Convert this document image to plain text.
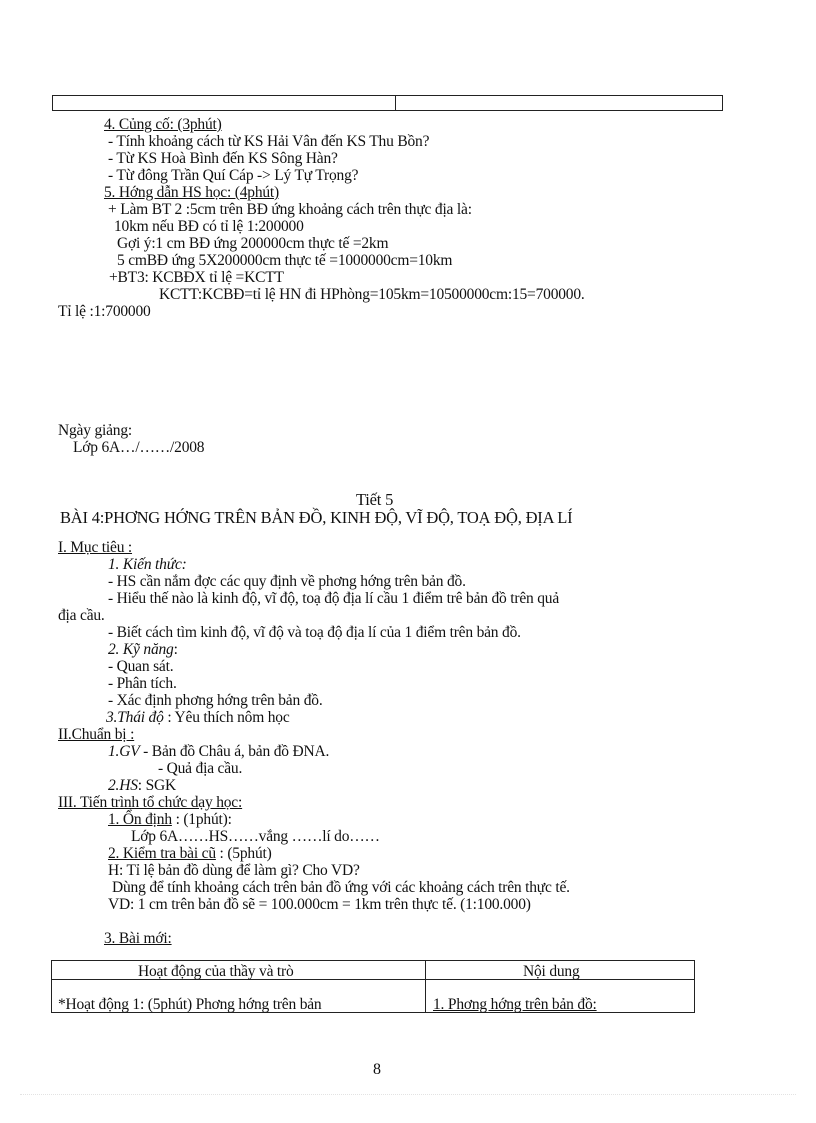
4. Củng cố: (3phút)
- Tính khoảng cách từ KS Hải Vân đến KS Thu Bồn?
- Từ KS Hoà Bình đến KS Sông Hàn?
- Từ đông Trần Quí Cáp -> Lý Tự Trọng?
5. Hớng dẫn HS học: (4phút)
+ Làm BT 2 :5cm trên BĐ ứng khoảng cách trên thực địa là:
10km nếu BĐ có tỉ lệ 1:200000
Gợi ý:1 cm BĐ ứng 200000cm thực tế =2km
5 cmBĐ ứng 5X200000cm thực tế =1000000cm=10km
+BT3: KCBĐX tỉ lệ =KCTT
KCTT:KCBĐ=tỉ lệ HN đi HPhòng=105km=10500000cm:15=700000.
Tỉ lệ :1:700000
Ngày giảng:
Lớp 6A…/……/2008
Tiết 5
BÀI 4:PHƠNG HỚNG TRÊN BẢN ĐỒ, KINH ĐỘ, VĨ ĐỘ, TOẠ ĐỘ, ĐỊA LÍ
I. Mục tiêu :
1. Kiến thức:
- HS cần nắm đợc các quy định về phơng hớng trên bản đồ.
- Hiểu thế nào là kinh độ, vĩ độ, toạ độ địa lí cầu 1 điểm trê bản đồ trên quả
địa cầu.
- Biết cách tìm kinh độ, vĩ độ và toạ độ địa lí của 1 điểm trên bản đồ.
2. Kỹ năng:
- Quan sát.
- Phân tích.
- Xác định phơng hớng trên bản đồ.
3.Thái độ : Yêu thích nôm học
II.Chuẩn bị :
1.GV - Bản đồ Châu á, bản đồ ĐNA.
- Quả địa cầu.
2.HS: SGK
III. Tiến trình tổ chức dạy học:
1. Ổn định : (1phút):
Lớp 6A……HS……vắng ……lí do……
2. Kiểm tra bài cũ : (5phút)
H: Tỉ lệ bản đồ dùng để làm gì? Cho VD?
Dùng để tính khoảng cách trên bản đồ ứng với các khoảng cách trên thực tế.
VD: 1 cm trên bản đồ sẽ = 100.000cm = 1km trên thực tế. (1:100.000)
3. Bài mới:
Hoạt động của thầy và trò	Nội dung
*Hoạt động 1: (5phút) Phơng hớng trên bản	1. Phơng hớng trên bản đồ:
8
